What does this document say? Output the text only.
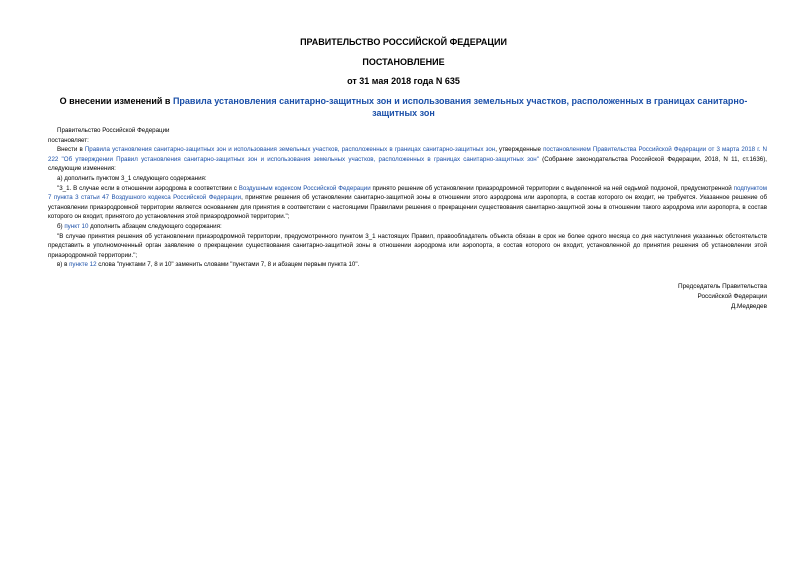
ПРАВИТЕЛЬСТВО РОССИЙСКОЙ ФЕДЕРАЦИИ
ПОСТАНОВЛЕНИЕ
от 31 мая 2018 года N 635
О внесении изменений в Правила установления санитарно-защитных зон и использования земельных участков, расположенных в границах санитарно-защитных зон

Правительство Российской Федерации

постановляет:

Внести в Правила установления санитарно-защитных зон и использования земельных участков, расположенных в границах санитарно-защитных зон, утвержденные постановлением Правительства Российской Федерации от 3 марта 2018 г. N 222 "Об утверждении Правил установления санитарно-защитных зон и использования земельных участков, расположенных в границах санитарно-защитных зон" (Собрание законодательства Российской Федерации, 2018, N 11, ст.1636), следующие изменения:

а) дополнить пунктом 3_1 следующего содержания:

"3_1. В случае если в отношении аэродрома в соответствии с Воздушным кодексом Российской Федерации принято решение об установлении приаэродромной территории с выделенной на ней седьмой подзоной, предусмотренной подпунктом 7 пункта 3 статьи 47 Воздушного кодекса Российской Федерации, принятие решения об установлении санитарно-защитной зоны в отношении этого аэродрома или аэропорта, в состав которого он входит, не требуется. Указанное решение об установлении приаэродромной территории является основанием для принятия в соответствии с настоящими Правилами решения о прекращении существования санитарно-защитной зоны в отношении такого аэродрома или аэропорта, в состав которого он входит, принятого до установления этой приаэродромной территории.";

б) пункт 10 дополнить абзацем следующего содержания:

"В случае принятия решения об установлении приаэродромной территории, предусмотренного пунктом 3_1 настоящих Правил, правообладатель объекта обязан в срок не более одного месяца со дня наступления указанных обстоятельств представить в уполномоченный орган заявление о прекращении существования санитарно-защитной зоны в отношении аэродрома или аэропорта, в состав которого он входит, установленной до принятия решения об установлении этой приаэродромной территории.";

в) в пункте 12 слова "пунктами 7, 8 и 10" заменить словами "пунктами 7, 8 и абзацем первым пункта 10".

Председатель Правительства
Российской Федерации
Д.Медведев
